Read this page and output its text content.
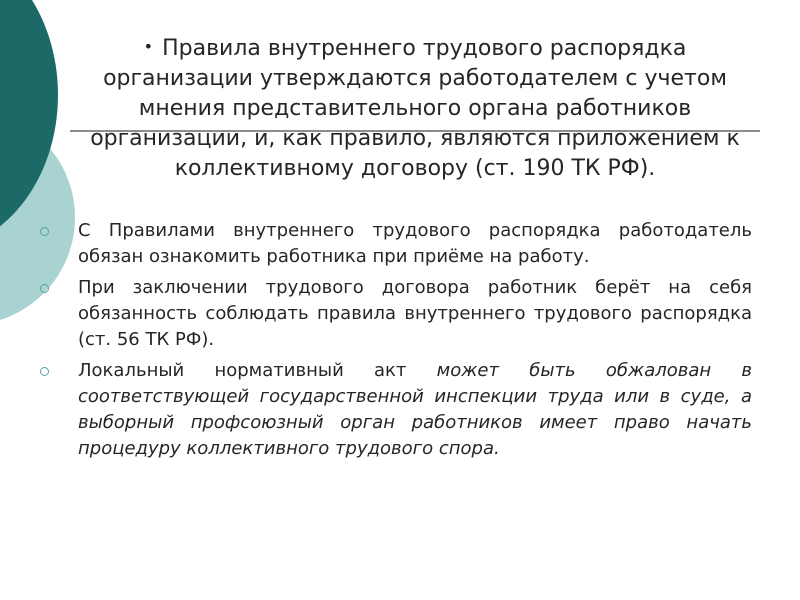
• Правила внутреннего трудового распорядка организации утверждаются работодателем с учетом мнения представительного органа работников организации, и, как правило, являются приложением к коллективному договору (ст. 190 ТК РФ).
С Правилами внутреннего трудового распорядка работодатель обязан ознакомить работника при приёме на работу.
При заключении трудового договора работник берёт на себя обязанность соблюдать правила внутреннего трудового распорядка (ст. 56 ТК РФ).
Локальный нормативный акт может быть обжалован в соответствующей государственной инспекции труда или в суде, а выборный профсоюзный орган работников имеет право начать процедуру коллективного трудового спора.
